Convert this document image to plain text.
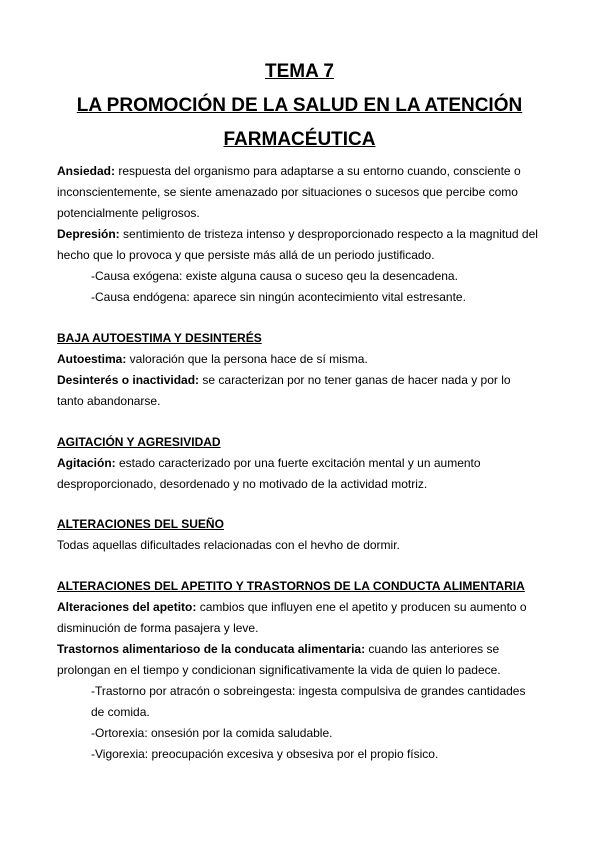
TEMA 7
LA PROMOCIÓN DE LA SALUD EN LA ATENCIÓN
FARMACÉUTICA
Ansiedad: respuesta del organismo para adaptarse a su entorno cuando, consciente o
inconscientemente, se siente amenazado por situaciones o sucesos que percibe como
potencialmente peligrosos.
Depresión: sentimiento de tristeza intenso y desproporcionado respecto a la magnitud del
hecho que lo provoca y que persiste más allá de un periodo justificado.
-Causa exógena: existe alguna causa o suceso qeu la desencadena.
-Causa endógena: aparece sin ningún acontecimiento vital estresante.
BAJA AUTOESTIMA Y DESINTERÉS
Autoestima: valoración que la persona hace de sí misma.
Desinterés o inactividad: se caracterizan por no tener ganas de hacer nada y por lo
tanto abandonarse.
AGITACIÓN Y AGRESIVIDAD
Agitación: estado caracterizado por una fuerte excitación mental y un aumento
desproporcionado, desordenado y no motivado de la actividad motriz.
ALTERACIONES DEL SUEÑO
Todas aquellas dificultades relacionadas con el hevho de dormir.
ALTERACIONES DEL APETITO Y TRASTORNOS DE LA CONDUCTA ALIMENTARIA
Alteraciones del apetito: cambios que influyen ene el apetito y producen su aumento o
disminución de forma pasajera y leve.
Trastornos alimentarioso de la conducata alimentaria: cuando las anteriores se
prolongan en el tiempo y condicionan significativamente la vida de quien lo padece.
-Trastorno por atracón o sobreingesta: ingesta compulsiva de grandes cantidades
de comida.
-Ortorexia: onsesión por la comida saludable.
-Vigorexia: preocupación excesiva y obsesiva por el propio físico.
